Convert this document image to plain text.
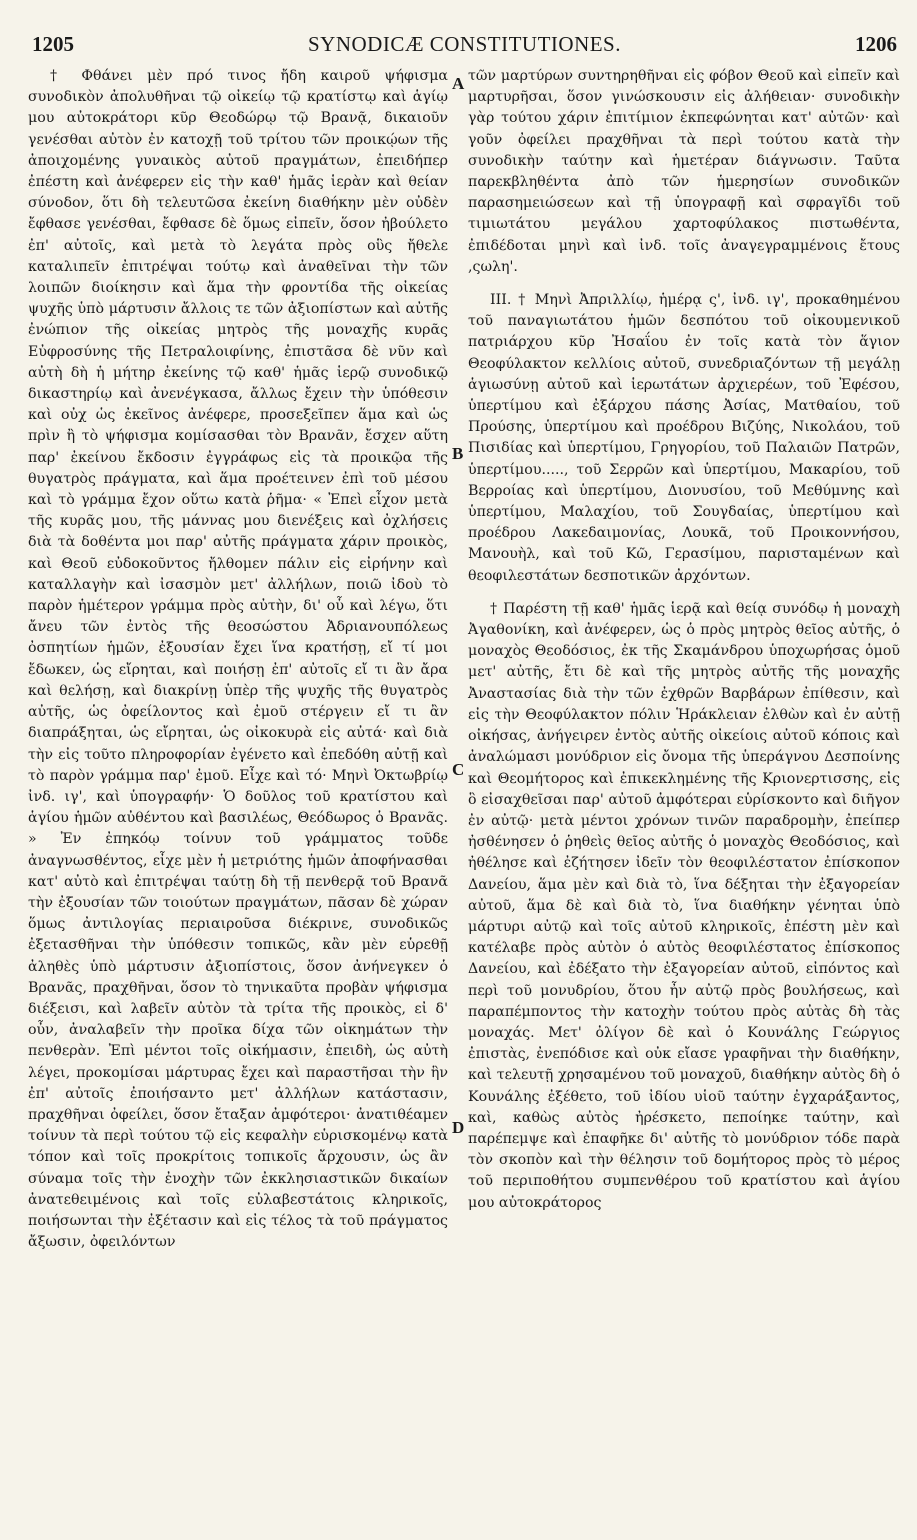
1205	SYNODICÆ CONSTITUTIONES.	1206

† Φθάνει μὲν πρό τινος ἤδη καιροῦ ψήφισμα συνοδικὸν ἀπολυθῆναι τῷ οἰκείῳ τῷ κρατίστῳ καὶ ἁγίῳ μου αὐτοκράτορι κῦρ Θεοδώρῳ τῷ Βρανᾷ, δικαιοῦν γενέσθαι αὐτὸν ἐν κατοχῇ τοῦ τρίτου τῶν προικῴων τῆς ἀποιχομένης γυναικὸς αὐτοῦ πραγμάτων, ἐπειδήπερ ἐπέστη καὶ ἀνέφερεν εἰς τὴν καθ' ἡμᾶς ἱερὰν καὶ θείαν σύνοδον, ὅτι δὴ τελευτῶσα ἐκείνη διαθήκην μὲν οὐδὲν ἔφθασε γενέσθαι, ἔφθασε δὲ ὅμως εἰπεῖν, ὅσον ἠβούλετο ἐπ' αὐτοῖς, καὶ μετὰ τὸ λεγάτα πρὸς οὓς ἤθελε καταλιπεῖν ἐπιτρέψαι τούτῳ καὶ ἀναθεῖναι τὴν τῶν λοιπῶν διοίκησιν καὶ ἅμα τὴν φροντίδα τῆς οἰκείας ψυχῆς ὑπὸ μάρτυσιν ἄλλοις τε τῶν ἀξιοπίστων καὶ αὐτῆς ἐνώπιον τῆς οἰκείας μητρὸς τῆς μοναχῆς κυρᾶς Εὐφροσύνης τῆς Πετραλοιφίνης, ἐπιστᾶσα δὲ νῦν καὶ αὐτὴ δὴ ἡ μήτηρ ἐκείνης τῷ καθ' ἡμᾶς ἱερῷ συνοδικῷ δικαστηρίῳ καὶ ἀνενέγκασα, ἄλλως ἔχειν τὴν ὑπόθεσιν καὶ οὐχ ὡς ἐκεῖνος ἀνέφερε, προσεξεῖπεν ἅμα καὶ ὡς πρὶν ἢ τὸ ψήφισμα κομίσασθαι τὸν Βρανᾶν, ἔσχεν αὕτη παρ' ἐκείνου ἔκδοσιν ἐγγράφως εἰς τὰ προικῷα τῆς θυγατρὸς πράγματα, καὶ ἅμα προέτεινεν ἐπὶ τοῦ μέσου καὶ τὸ γράμμα ἔχον οὕτω κατὰ ῥῆμα· « Ἐπεὶ εἶχον μετὰ τῆς κυρᾶς μου, τῆς μάννας μου διενέξεις καὶ ὀχλήσεις διὰ τὰ δοθέντα μοι παρ' αὐτῆς πράγματα χάριν προικὸς, καὶ Θεοῦ εὐδοκοῦντος ἤλθομεν πάλιν εἰς εἰρήνην καὶ καταλλαγὴν καὶ ἰσασμὸν μετ' ἀλλήλων, ποιῶ ἰδοὺ τὸ παρὸν ἡμέτερον γράμμα πρὸς αὐτὴν, δι' οὗ καὶ λέγω, ὅτι ἄνευ τῶν ἐντὸς τῆς θεοσώστου Ἀδριανουπόλεως ὀσπητίων ἡμῶν, ἐξουσίαν ἔχει ἵνα κρατήσῃ, εἴ τί μοι ἔδωκεν, ὡς εἴρηται, καὶ ποιήσῃ ἐπ' αὐτοῖς εἴ τι ἂν ἄρα καὶ θελήσῃ, καὶ διακρίνῃ ὑπὲρ τῆς ψυχῆς τῆς θυγατρὸς αὐτῆς, ὡς ὀφείλοντος καὶ ἐμοῦ στέργειν εἴ τι ἂν διαπράξηται, ὡς εἴρηται, ὡς οἰκοκυρὰ εἰς αὐτά· καὶ διὰ τὴν εἰς τοῦτο πληροφορίαν ἐγένετο καὶ ἐπεδόθη αὐτῇ καὶ τὸ παρὸν γράμμα παρ' ἐμοῦ. Εἶχε καὶ τό· Μηνὶ Ὀκτωβρίῳ ἰνδ. ιγ', καὶ ὑπογραφήν· Ὁ δοῦλος τοῦ κρατίστου καὶ ἁγίου ἡμῶν αὐθέντου καὶ βασιλέως, Θεόδωρος ὁ Βρανᾶς. » Ἐν ἐπηκόῳ τοίνυν τοῦ γράμματος τοῦδε ἀναγνωσθέντος, εἶχε μὲν ἡ μετριότης ἡμῶν ἀποφήνασθαι κατ' αὐτὸ καὶ ἐπιτρέψαι ταύτῃ δὴ τῇ πενθερᾷ τοῦ Βρανᾶ τὴν ἐξουσίαν τῶν τοιούτων πραγμάτων, πᾶσαν δὲ χώραν ὅμως ἀντιλογίας περιαιροῦσα διέκρινε, συνοδικῶς ἐξετασθῆναι τὴν ὑπόθεσιν τοπικῶς, κἂν μὲν εὑρεθῇ ἀληθὲς ὑπὸ μάρτυσιν ἀξιοπίστοις, ὅσον ἀνήνεγκεν ὁ Βρανᾶς, πραχθῆναι, ὅσον τὸ τηνικαῦτα προβὰν ψήφισμα διέξεισι, καὶ λαβεῖν αὐτὸν τὰ τρίτα τῆς προικὸς, εἰ δ' οὖν, ἀναλαβεῖν τὴν προῖκα δίχα τῶν οἰκημάτων τὴν πενθερὰν. Ἐπὶ μέντοι τοῖς οἰκήμασιν, ἐπειδὴ, ὡς αὐτὴ λέγει, προκομίσαι μάρτυρας ἔχει καὶ παραστῆσαι τὴν ἣν ἐπ' αὐτοῖς ἐποιήσαντο μετ' ἀλλήλων κατάστασιν, πραχθῆναι ὀφείλει, ὅσον ἔταξαν ἀμφότεροι· ἀνατιθέαμεν τοίνυν τὰ περὶ τούτου τῷ εἰς κεφαλὴν εὑρισκομένῳ κατὰ τόπον καὶ τοῖς προκρίτοις τοπικοῖς ἄρχουσιν, ὡς ἂν σύναμα τοῖς τὴν ἐνοχὴν τῶν ἐκκλησιαστικῶν δικαίων ἀνατεθειμένοις καὶ τοῖς εὐλαβεστάτοις κληρικοῖς, ποιήσωνται τὴν ἐξέτασιν καὶ εἰς τέλος τὰ τοῦ πράγματος ἄξωσιν, ὀφειλόντων

A
B
C
D

τῶν μαρτύρων συντηρηθῆναι εἰς φόβον Θεοῦ καὶ εἰπεῖν καὶ μαρτυρῆσαι, ὅσον γινώσκουσιν εἰς ἀλήθειαν· συνοδικὴν γὰρ τούτου χάριν ἐπιτίμιον ἐκπεφώνηται κατ' αὐτῶν· καὶ γοῦν ὀφείλει πραχθῆναι τὰ περὶ τούτου κατὰ τὴν συνοδικὴν ταύτην καὶ ἡμετέραν διάγνωσιν. Ταῦτα παρεκβληθέντα ἀπὸ τῶν ἡμερησίων συνοδικῶν παρασημειώσεων καὶ τῇ ὑπογραφῇ καὶ σφραγῖδι τοῦ τιμιωτάτου μεγάλου χαρτοφύλακος πιστωθέντα, ἐπιδέδοται μηνὶ καὶ ἰνδ. τοῖς ἀναγεγραμμένοις ἔτους ,ςωλη'.

III. † Μηνὶ Ἀπριλλίῳ, ἡμέρᾳ ς', ἰνδ. ιγ', προκαθημένου τοῦ παναγιωτάτου ἡμῶν δεσπότου τοῦ οἰκουμενικοῦ πατριάρχου κῦρ Ἠσαΐου ἐν τοῖς κατὰ τὸν ἅγιον Θεοφύλακτον κελλίοις αὐτοῦ, συνεδριαζόντων τῇ μεγάλῃ ἁγιωσύνῃ αὐτοῦ καὶ ἱερωτάτων ἀρχιερέων, τοῦ Ἐφέσου, ὑπερτίμου καὶ ἐξάρχου πάσης Ἀσίας, Ματθαίου, τοῦ Προύσης, ὑπερτίμου καὶ προέδρου Βιζύης, Νικολάου, τοῦ Πισιδίας καὶ ὑπερτίμου, Γρηγορίου, τοῦ Παλαιῶν Πατρῶν, ὑπερτίμου....., τοῦ Σερρῶν καὶ ὑπερτίμου, Μακαρίου, τοῦ Βερροίας καὶ ὑπερτίμου, Διονυσίου, τοῦ Μεθύμνης καὶ ὑπερτίμου, Μαλαχίου, τοῦ Σουγδαίας, ὑπερτίμου καὶ προέδρου Λακεδαιμονίας, Λουκᾶ, τοῦ Προικοννήσου, Μανουὴλ, καὶ τοῦ Κῶ, Γερασίμου, παρισταμένων καὶ θεοφιλεστάτων δεσποτικῶν ἀρχόντων.

† Παρέστη τῇ καθ' ἡμᾶς ἱερᾷ καὶ θείᾳ συνόδῳ ἡ μοναχὴ Ἀγαθονίκη, καὶ ἀνέφερεν, ὡς ὁ πρὸς μητρὸς θεῖος αὐτῆς, ὁ μοναχὸς Θεοδόσιος, ἐκ τῆς Σκαμάνδρου ὑποχωρήσας ὁμοῦ μετ' αὐτῆς, ἔτι δὲ καὶ τῆς μητρὸς αὐτῆς τῆς μοναχῆς Ἀναστασίας διὰ τὴν τῶν ἐχθρῶν Βαρβάρων ἐπίθεσιν, καὶ εἰς τὴν Θεοφύλακτον πόλιν Ἡράκλειαν ἐλθὼν καὶ ἐν αὐτῇ οἰκήσας, ἀνήγειρεν ἐντὸς αὐτῆς οἰκείοις αὐτοῦ κόποις καὶ ἀναλώμασι μονύδριον εἰς ὄνομα τῆς ὑπεράγνου Δεσποίνης καὶ Θεομήτορος καὶ ἐπικεκλημένης τῆς Κριονερτισσης, εἰς ὃ εἰσαχθεῖσαι παρ' αὐτοῦ ἀμφότεραι εὑρίσκοντο καὶ διῆγον ἐν αὐτῷ· μετὰ μέντοι χρόνων τινῶν παραδρομὴν, ἐπείπερ ἠσθένησεν ὁ ῥηθεὶς θεῖος αὐτῆς ὁ μοναχὸς Θεοδόσιος, καὶ ἠθέλησε καὶ ἐζήτησεν ἰδεῖν τὸν θεοφιλέστατον ἐπίσκοπον Δανείου, ἅμα μὲν καὶ διὰ τὸ, ἵνα δέξηται τὴν ἐξαγορείαν αὐτοῦ, ἅμα δὲ καὶ διὰ τὸ, ἵνα διαθήκην γένηται ὑπὸ μάρτυρι αὐτῷ καὶ τοῖς αὐτοῦ κληρικοῖς, ἐπέστη μὲν καὶ κατέλαβε πρὸς αὐτὸν ὁ αὐτὸς θεοφιλέστατος ἐπίσκοπος Δανείου, καὶ ἐδέξατο τὴν ἐξαγορείαν αὐτοῦ, εἰπόντος καὶ περὶ τοῦ μονυδρίου, ὅτου ἦν αὐτῷ πρὸς βουλήσεως, καὶ παραπέμποντος τὴν κατοχὴν τούτου πρὸς αὐτὰς δὴ τὰς μοναχάς. Μετ' ὀλίγον δὲ καὶ ὁ Κουνάλης Γεώργιος ἐπιστὰς, ἐνεπόδισε καὶ οὐκ εἴασε γραφῆναι τὴν διαθήκην, καὶ τελευτῇ χρησαμένου τοῦ μοναχοῦ, διαθήκην αὐτὸς δὴ ὁ Κουνάλης ἐξέθετο, τοῦ ἰδίου υἱοῦ ταύτην ἐγχαράξαντος, καὶ, καθὼς αὐτὸς ἠρέσκετο, πεποίηκε ταύτην, καὶ παρέπεμψε καὶ ἐπαφῆκε δι' αὐτῆς τὸ μονύδριον τόδε παρὰ τὸν σκοπὸν καὶ τὴν θέλησιν τοῦ δομήτορος πρὸς τὸ μέρος τοῦ περιποθήτου συμπενθέρου τοῦ κρατίστου καὶ ἁγίου μου αὐτοκράτορος
